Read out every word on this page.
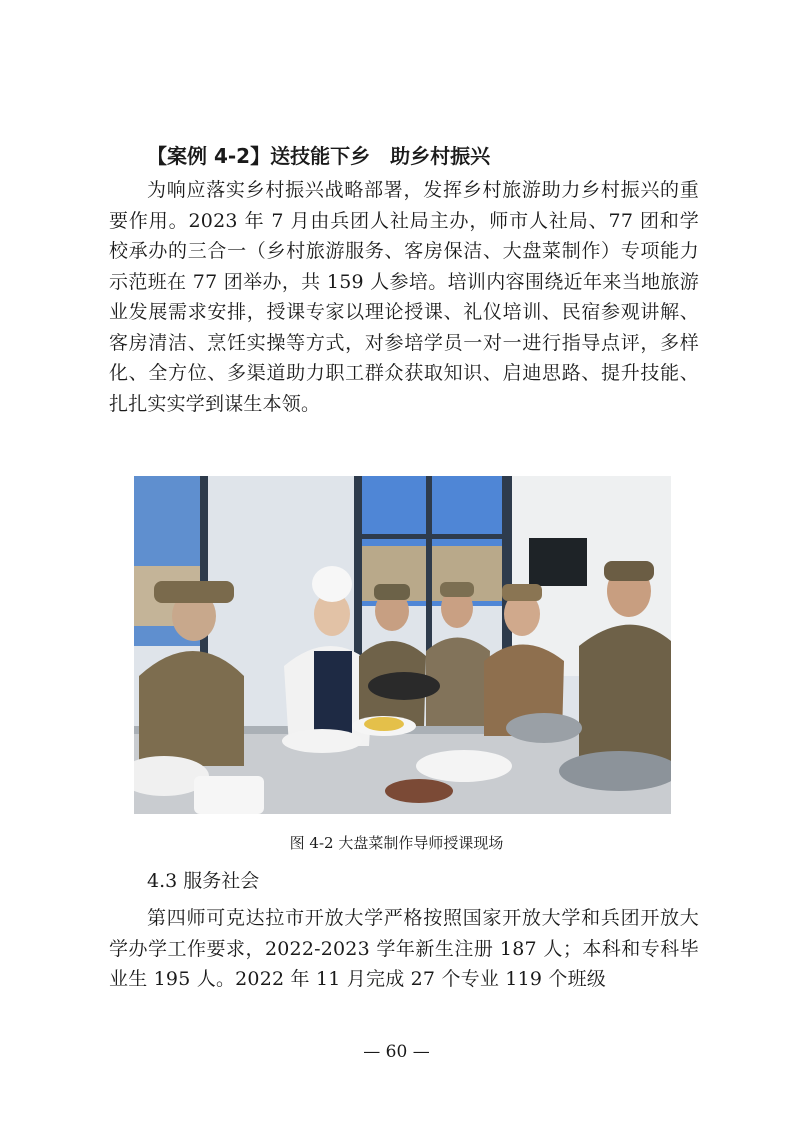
【案例 4-2】送技能下乡　助乡村振兴

为响应落实乡村振兴战略部署，发挥乡村旅游助力乡村振兴的重要作用。2023 年 7 月由兵团人社局主办，师市人社局、77 团和学校承办的三合一（乡村旅游服务、客房保洁、大盘菜制作）专项能力示范班在 77 团举办，共 159 人参培。培训内容围绕近年来当地旅游业发展需求安排，授课专家以理论授课、礼仪培训、民宿参观讲解、客房清洁、烹饪实操等方式，对参培学员一对一进行指导点评，多样化、全方位、多渠道助力职工群众获取知识、启迪思路、提升技能、扎扎实实学到谋生本领。

图 4-2 大盘菜制作导师授课现场
4.3 服务社会

第四师可克达拉市开放大学严格按照国家开放大学和兵团开放大学办学工作要求，2022-2023 学年新生注册 187 人；本科和专科毕业生 195 人。2022 年 11 月完成 27 个专业 119 个班级

— 60 —
